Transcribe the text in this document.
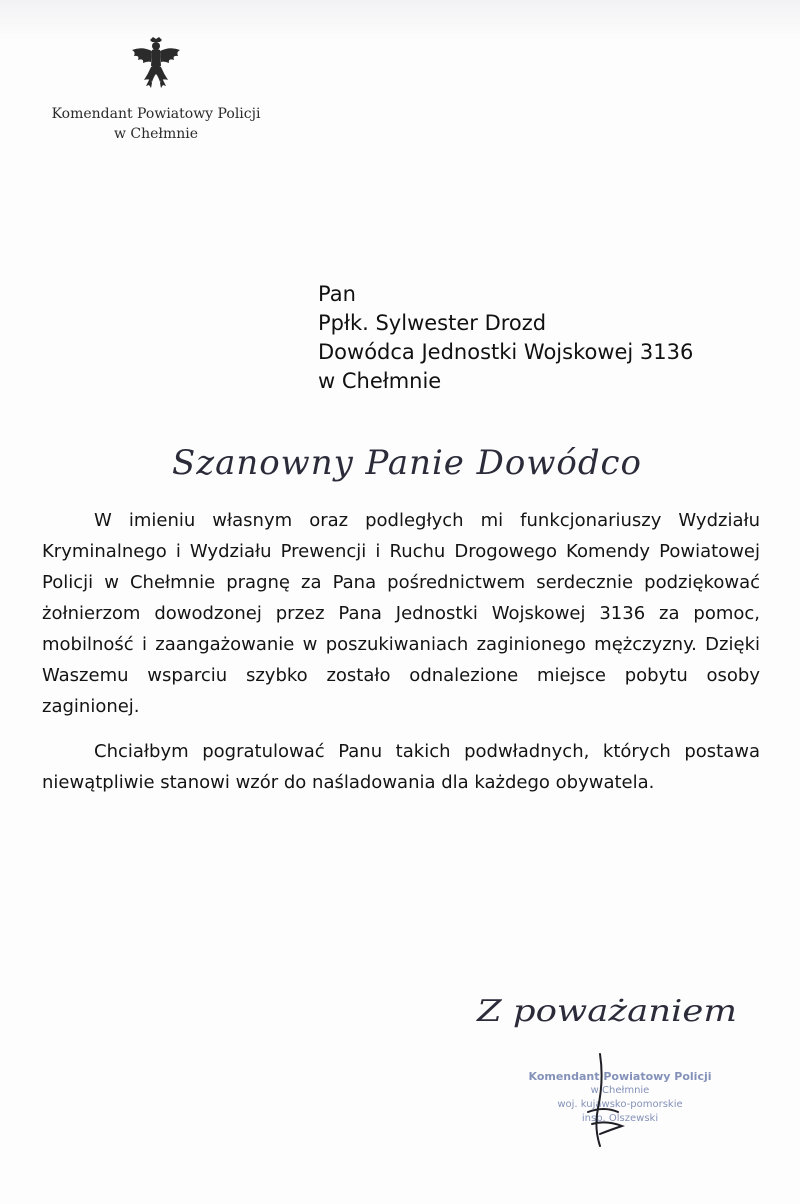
Komendant Powiatowy Policji
w Chełmnie
Pan
Ppłk. Sylwester Drozd
Dowódca Jednostki Wojskowej 3136
w Chełmnie
Szanowny Panie Dowódco

W imieniu własnym oraz podległych mi funkcjonariuszy Wydziału Kryminalnego i Wydziału Prewencji i Ruchu Drogowego Komendy Powiatowej Policji w Chełmnie pragnę za Pana pośrednictwem serdecznie podziękować żołnierzom dowodzonej przez Pana Jednostki Wojskowej 3136 za pomoc, mobilność i zaangażowanie w poszukiwaniach zaginionego mężczyzny. Dzięki Waszemu wsparciu szybko zostało odnalezione miejsce pobytu osoby zaginionej.

Chciałbym pogratulować Panu takich podwładnych, których postawa niewątpliwie stanowi wzór do naśladowania dla każdego obywatela.

Z poważaniem
Komendant Powiatowy Policji
w Chełmnie
woj. kujawsko-pomorskie
insp. Olszewski
